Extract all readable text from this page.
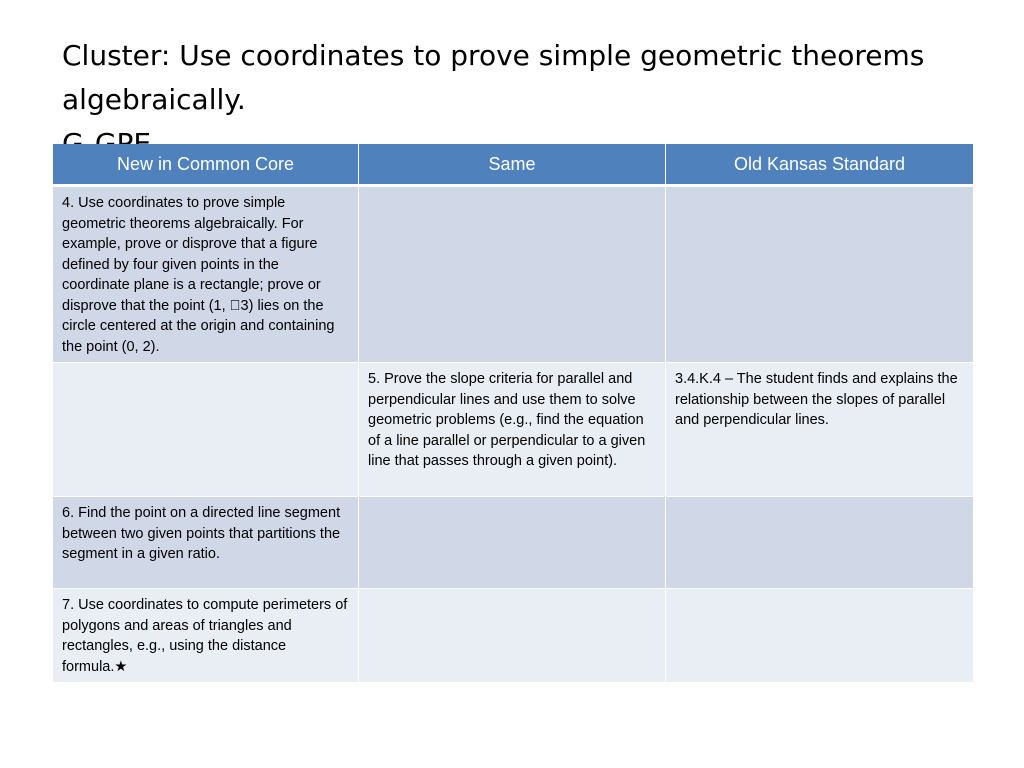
Cluster: Use coordinates to prove simple geometric theorems
algebraically.
New in Common Core	Same	Old Kansas Standard
4. Use coordinates to prove simple geometric theorems algebraically. For example, prove or disprove that a figure defined by four given points in the coordinate plane is a rectangle; prove or disprove that the point (1, 3) lies on the circle centered at the origin and containing the point (0, 2).		
	5. Prove the slope criteria for parallel and perpendicular lines and use them to solve geometric problems (e.g., find the equation of a line parallel or perpendicular to a given line that passes through a given point).	3.4.K.4 – The student finds and explains the relationship between the slopes of parallel and perpendicular lines.
6. Find the point on a directed line segment between two given points that partitions the segment in a given ratio.		
7. Use coordinates to compute perimeters of polygons and areas of triangles and rectangles, e.g., using the distance formula.★		
